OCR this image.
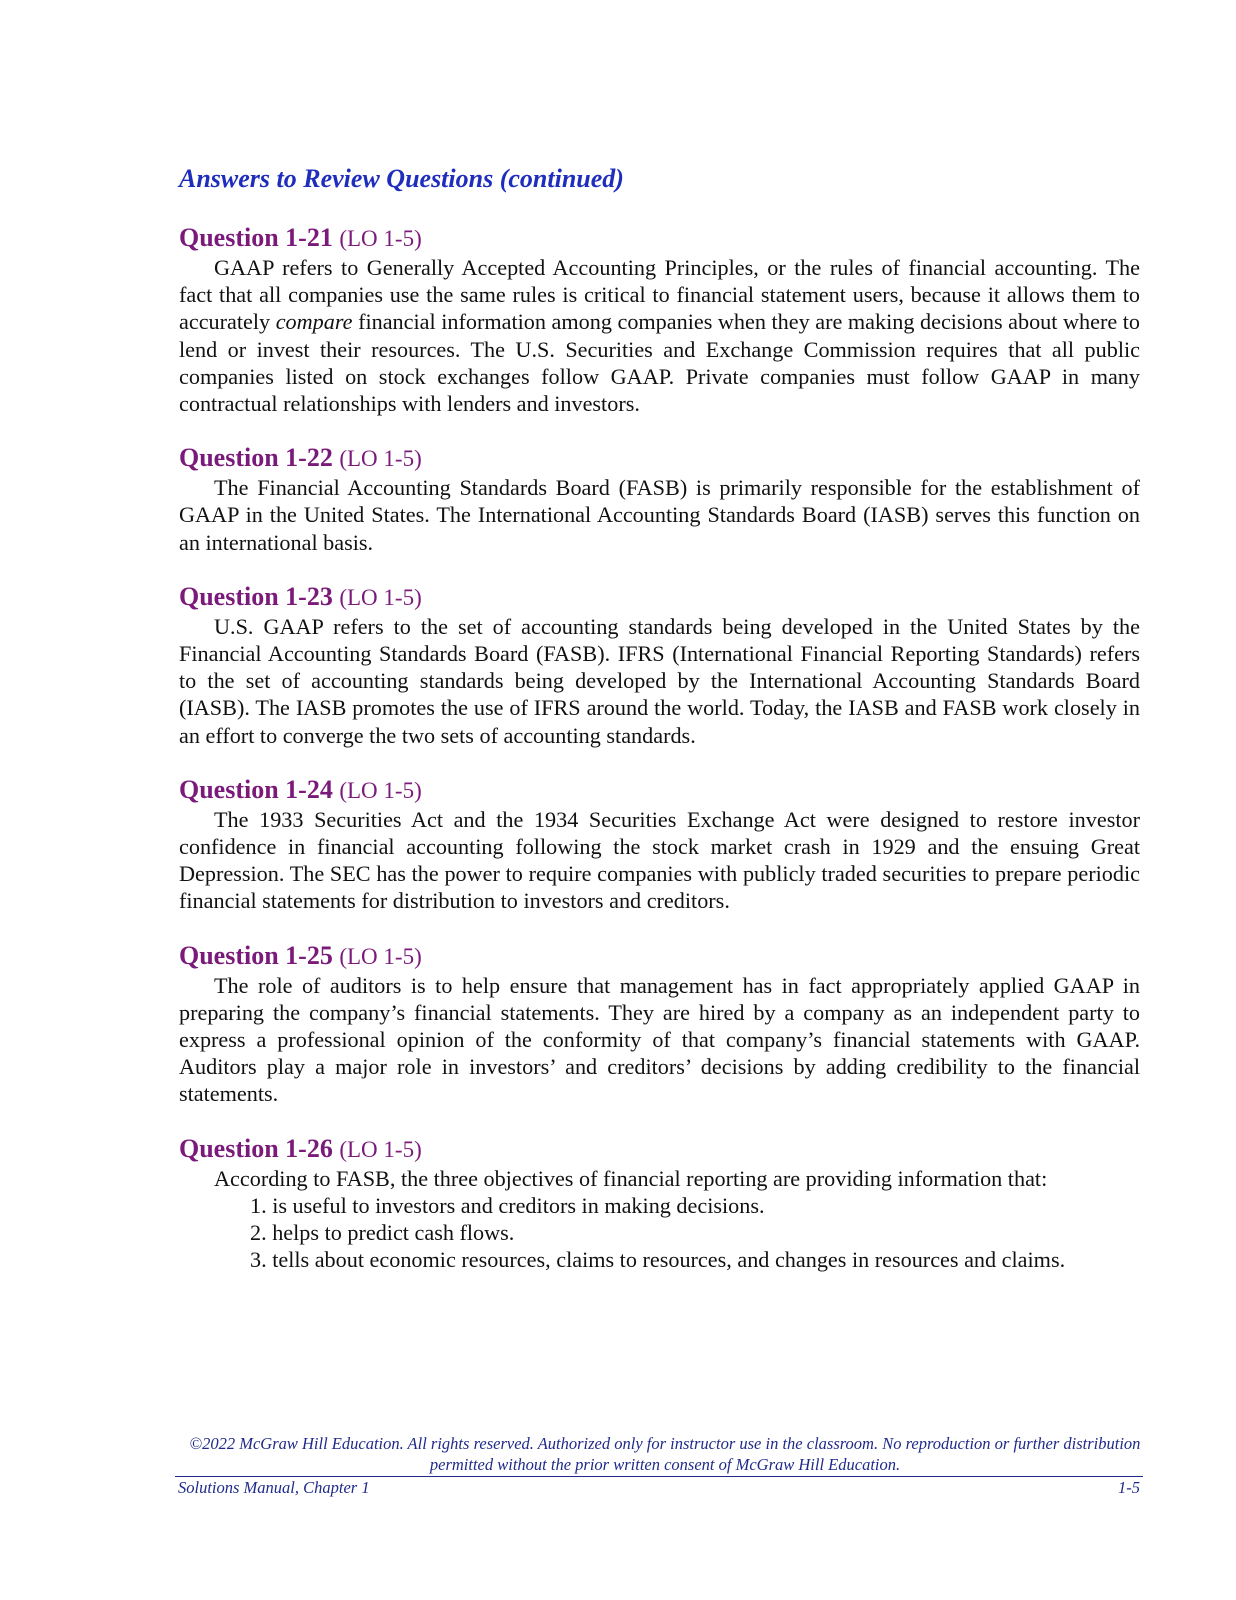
Answers to Review Questions (continued)
Question 1-21 (LO 1-5)

GAAP refers to Generally Accepted Accounting Principles, or the rules of financial accounting. The fact that all companies use the same rules is critical to financial statement users, because it allows them to accurately compare financial information among companies when they are making decisions about where to lend or invest their resources. The U.S. Securities and Exchange Commission requires that all public companies listed on stock exchanges follow GAAP. Private companies must follow GAAP in many contractual relationships with lenders and investors.

Question 1-22 (LO 1-5)

The Financial Accounting Standards Board (FASB) is primarily responsible for the establishment of GAAP in the United States. The International Accounting Standards Board (IASB) serves this function on an international basis.

Question 1-23 (LO 1-5)

U.S. GAAP refers to the set of accounting standards being developed in the United States by the Financial Accounting Standards Board (FASB). IFRS (International Financial Reporting Standards) refers to the set of accounting standards being developed by the International Accounting Standards Board (IASB). The IASB promotes the use of IFRS around the world. Today, the IASB and FASB work closely in an effort to converge the two sets of accounting standards.

Question 1-24 (LO 1-5)

The 1933 Securities Act and the 1934 Securities Exchange Act were designed to restore investor confidence in financial accounting following the stock market crash in 1929 and the ensuing Great Depression. The SEC has the power to require companies with publicly traded securities to prepare periodic financial statements for distribution to investors and creditors.

Question 1-25 (LO 1-5)

The role of auditors is to help ensure that management has in fact appropriately applied GAAP in preparing the company’s financial statements. They are hired by a company as an independent party to express a professional opinion of the conformity of that company’s financial statements with GAAP. Auditors play a major role in investors’ and creditors’ decisions by adding credibility to the financial statements.

Question 1-26 (LO 1-5)

According to FASB, the three objectives of financial reporting are providing information that:

1. is useful to investors and creditors in making decisions.
2. helps to predict cash flows.
3. tells about economic resources, claims to resources, and changes in resources and claims.
©2022 McGraw Hill Education. All rights reserved. Authorized only for instructor use in the classroom. No reproduction or further distribution
permitted without the prior written consent of McGraw Hill Education.
Solutions Manual, Chapter 1	1-5
